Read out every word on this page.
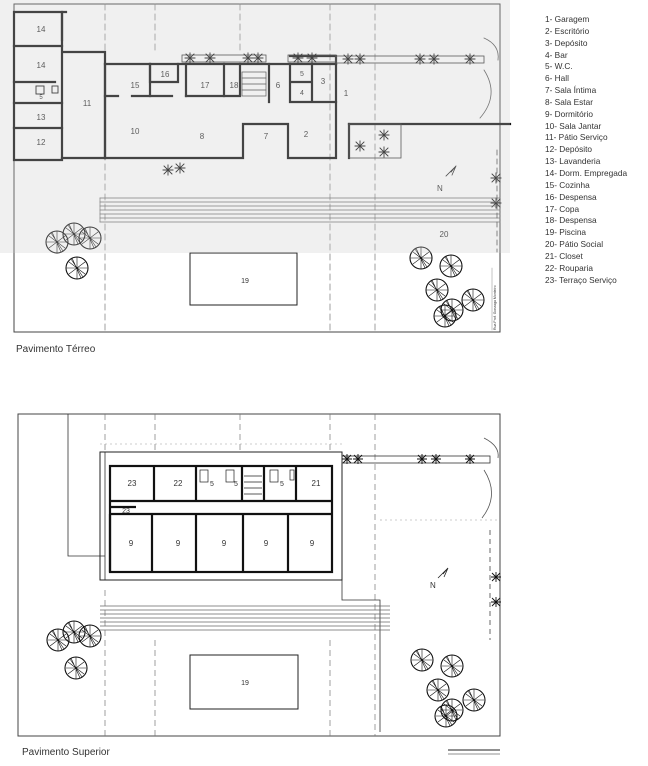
Rua Prof. Gonzaga Monteiro
14
14
5
13
12
11
15
16
17	18	6
5
4
3
1
10
8	7	2
20
19
N
23	22	5	5	5	21
23
9	9	9	9	9
19
N
1- Garagem
2- Escritório
3- Depósito
4- Bar
5- W.C.
6- Hall
7- Sala Íntima
8- Sala Estar
9- Dormitório
10- Sala Jantar
11- Pátio Serviço
12- Depósito
13- Lavanderia
14- Dorm. Empregada
15- Cozinha
16- Despensa
17- Copa
18- Despensa
19- Piscina
20- Pátio Social
21- Closet
22- Rouparia
23- Terraço Serviço
Pavimento Térreo
Pavimento Superior
